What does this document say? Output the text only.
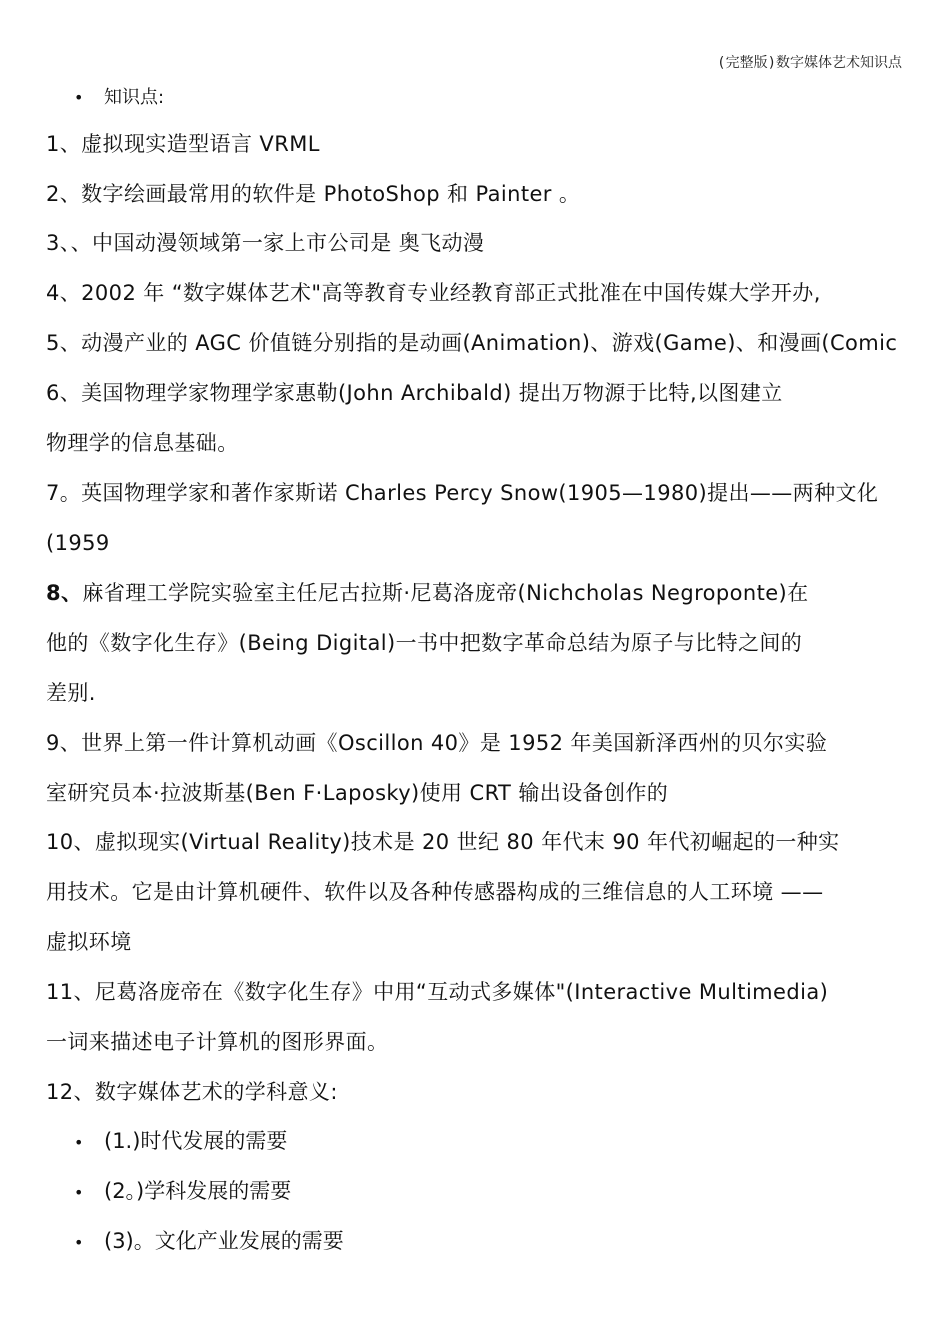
(完整版)数字媒体艺术知识点
• 知识点:
1、虚拟现实造型语言 VRML
2、数字绘画最常用的软件是 PhotoShop 和 Painter 。
3、、中国动漫领域第一家上市公司是 奥飞动漫
4、2002 年 “数字媒体艺术"高等教育专业经教育部正式批准在中国传媒大学开办,
5、动漫产业的 AGC 价值链分别指的是动画(Animation)、游戏(Game)、和漫画(Comic
6、美国物理学家物理学家惠勒(John Archibald) 提出万物源于比特,以图建立
物理学的信息基础。
7。英国物理学家和著作家斯诺 Charles Percy Snow(1905—1980)提出——两种文化
(1959
8、麻省理工学院实验室主任尼古拉斯·尼葛洛庞帝(Nichcholas Negroponte)在
他的《数字化生存》(Being Digital)一书中把数字革命总结为原子与比特之间的
差别.
9、世界上第一件计算机动画《Oscillon 40》是 1952 年美国新泽西州的贝尔实验
室研究员本·拉波斯基(Ben F·Laposky)使用 CRT 输出设备创作的
10、虚拟现实(Virtual Reality)技术是 20 世纪 80 年代末 90 年代初崛起的一种实
用技术。它是由计算机硬件、软件以及各种传感器构成的三维信息的人工环境 ——
虚拟环境
11、尼葛洛庞帝在《数字化生存》中用“互动式多媒体"(Interactive Multimedia)
一词来描述电子计算机的图形界面。
12、数字媒体艺术的学科意义:
• (1.)时代发展的需要
• (2。)学科发展的需要
• (3)。文化产业发展的需要
